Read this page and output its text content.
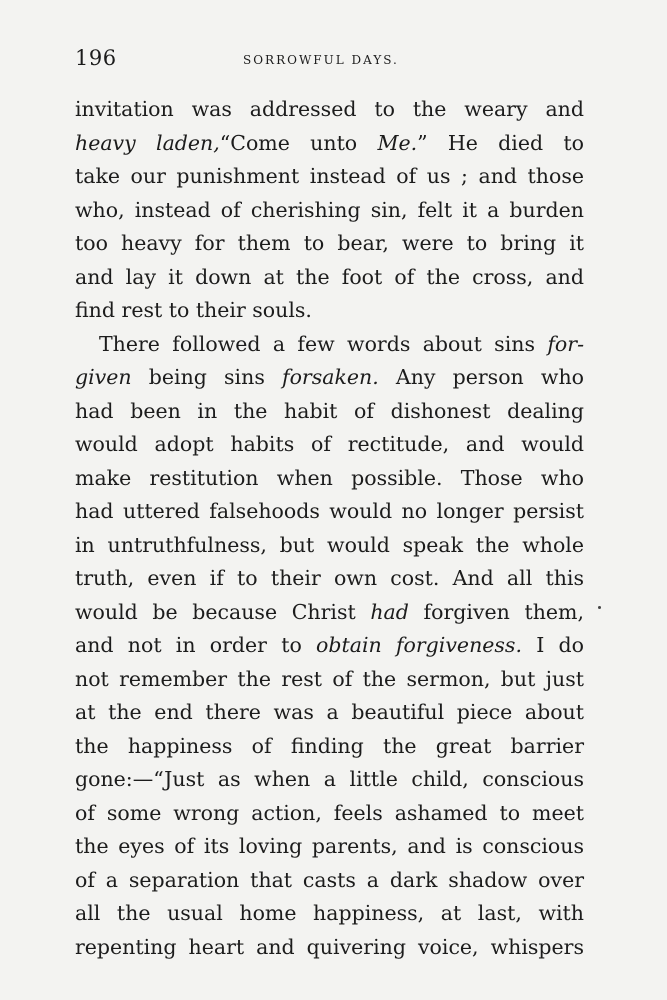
196	SORROWFUL DAYS.
invitation was addressed to the weary and
heavy laden,“Come unto Me.” He died to
take our punishment instead of us ; and those
who, instead of cherishing sin, felt it a burden
too heavy for them to bear, were to bring it
and lay it down at the foot of the cross, and
find rest to their souls.
There followed a few words about sins for-
given being sins forsaken. Any person who
had been in the habit of dishonest dealing
would adopt habits of rectitude, and would
make restitution when possible. Those who
had uttered falsehoods would no longer persist
in untruthfulness, but would speak the whole
truth, even if to their own cost. And all this
would be because Christ had forgiven them,
and not in order to obtain forgiveness. I do
not remember the rest of the sermon, but just
at the end there was a beautiful piece about
the happiness of finding the great barrier
gone:—“Just as when a little child, conscious
of some wrong action, feels ashamed to meet
the eyes of its loving parents, and is conscious
of a separation that casts a dark shadow over
all the usual home happiness, at last, with
repenting heart and quivering voice, whispers
